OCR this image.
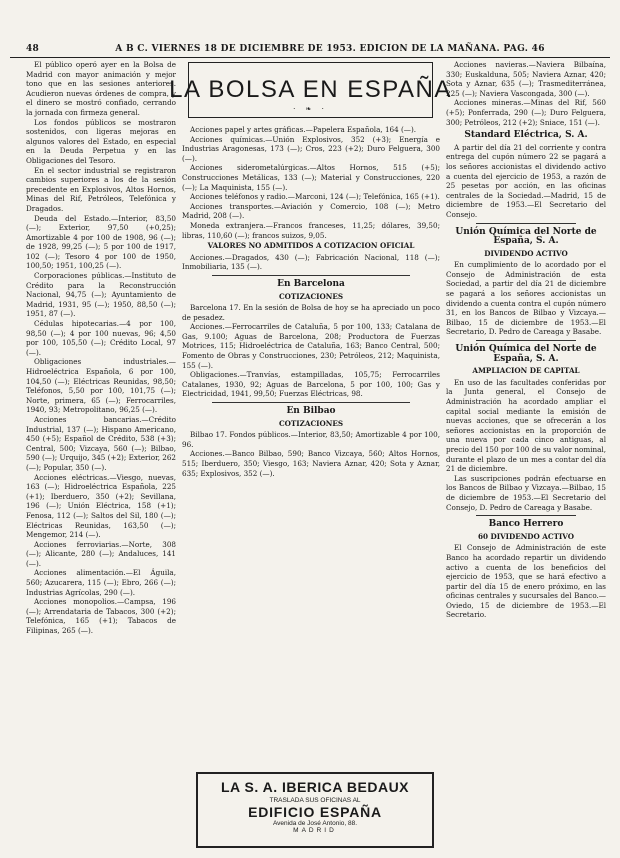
48	A B C. VIERNES 18 DE DICIEMBRE DE 1953. EDICION DE LA MAÑANA. PAG. 46
LA BOLSA EN ESPAÑA
· ❧ ·

El público operó ayer en la Bolsa de Madrid con mayor animación y mejor tono que en las sesiones anteriores. Acudieron nuevas órdenes de compra, y el dinero se mostró confiado, cerrando la jornada con firmeza general.

Los fondos públicos se mostraron sostenidos, con ligeras mejoras en algunos valores del Estado, en especial en la Deuda Perpetua y en las Obligaciones del Tesoro.

En el sector industrial se registraron cambios superiores a los de la sesión precedente en Explosivos, Altos Hornos, Minas del Rif, Petróleos, Telefónica y Dragados.

Deuda del Estado.—Interior, 83,50 (—); Exterior, 97,50 (+0,25); Amortizable 4 por 100 de 1908, 96 (—); de 1928, 99,25 (—); 5 por 100 de 1917, 102 (—); Tesoro 4 por 100 de 1950, 100,50; 1951, 100,25 (—).

Corporaciones públicas.—Instituto de Crédito para la Reconstrucción Nacional, 94,75 (—); Ayuntamiento de Madrid, 1931, 95 (—); 1950, 88,50 (—); 1951, 87 (—).

Cédulas hipotecarias.—4 por 100, 98,50 (—); 4 por 100 nuevas, 96; 4,50 por 100, 105,50 (—); Crédito Local, 97 (—).

Obligaciones industriales.—Hidroeléctrica Española, 6 por 100, 104,50 (—); Eléctricas Reunidas, 98,50; Teléfonos, 5,50 por 100, 101,75 (—); Norte, primera, 65 (—); Ferrocarriles, 1940, 93; Metropolitano, 96,25 (—).

Acciones bancarias.—Crédito Industrial, 137 (—); Hispano Americano, 450 (+5); Español de Crédito, 538 (+3); Central, 500; Vizcaya, 560 (—); Bilbao, 590 (—); Urquijo, 345 (+2); Exterior, 262 (—); Popular, 350 (—).

Acciones eléctricas.—Viesgo, nuevas, 163 (—); Hidroeléctrica Española, 225 (+1); Iberduero, 350 (+2); Sevillana, 196 (—); Unión Eléctrica, 158 (+1); Fenosa, 112 (—); Saltos del Sil, 180 (—); Eléctricas Reunidas, 163,50 (—); Mengemor, 214 (—).

Acciones ferroviarias.—Norte, 308 (—); Alicante, 280 (—); Andaluces, 141 (—).

Acciones alimentación.—El Águila, 560; Azucarera, 115 (—); Ebro, 266 (—); Industrias Agrícolas, 290 (—).

Acciones monopolios.—Campsa, 196 (—); Arrendataria de Tabacos, 300 (+2); Telefónica, 165 (+1); Tabacos de Filipinas, 265 (—).

Acciones papel y artes gráficas.—Papelera Española, 164 (—).

Acciones químicas.—Unión Explosivos, 352 (+3); Energía e Industrias Aragonesas, 173 (—); Cros, 223 (+2); Duro Felguera, 300 (—).

Acciones siderometalúrgicas.—Altos Hornos, 515 (+5); Construcciones Metálicas, 133 (—); Material y Construcciones, 220 (—); La Maquinista, 155 (—).

Acciones teléfonos y radio.—Marconi, 124 (—); Telefónica, 165 (+1).

Acciones transportes.—Aviación y Comercio, 108 (—); Metro Madrid, 208 (—).

Moneda extranjera.—Francos franceses, 11,25; dólares, 39,50; libras, 110,60 (—); francos suizos, 9,05.

VALORES NO ADMITIDOS A COTIZACION OFICIAL

Acciones.—Dragados, 430 (—); Fabricación Nacional, 118 (—); Inmobiliaria, 135 (—).

En Barcelona
COTIZACIONES

Barcelona 17. En la sesión de Bolsa de hoy se ha apreciado un poco de pesadez.

Acciones.—Ferrocarriles de Cataluña, 5 por 100, 133; Catalana de Gas, 9.100; Aguas de Barcelona, 208; Productora de Fuerzas Motrices, 115; Hidroeléctrica de Cataluña, 163; Banco Central, 500; Fomento de Obras y Construcciones, 230; Petróleos, 212; Maquinista, 155 (—).

Obligaciones.—Tranvías, estampilladas, 105,75; Ferrocarriles Catalanes, 1930, 92; Aguas de Barcelona, 5 por 100, 100; Gas y Electricidad, 1941, 99,50; Fuerzas Eléctricas, 98.

En Bilbao
COTIZACIONES

Bilbao 17. Fondos públicos.—Interior, 83,50; Amortizable 4 por 100, 96.

Acciones.—Banco Bilbao, 590; Banco Vizcaya, 560; Altos Hornos, 515; Iberduero, 350; Viesgo, 163; Naviera Aznar, 420; Sota y Aznar, 635; Explosivos, 352 (—).

LA S. A. IBERICA BEDAUX
TRASLADA SUS OFICINAS AL
EDIFICIO ESPAÑA
Avenida de José Antonio, 88.
MADRID

Acciones navieras.—Naviera Bilbaína, 330; Euskalduna, 505; Naviera Aznar, 420; Sota y Aznar, 635 (—); Trasmediterránea, 225 (—); Naviera Vascongada, 300 (—).

Acciones mineras.—Minas del Rif, 560 (+5); Ponferrada, 290 (—); Duro Felguera, 300; Petróleos, 212 (+2); Sniace, 151 (—).

Standard Eléctrica, S. A.

A partir del día 21 del corriente y contra entrega del cupón número 22 se pagará a los señores accionistas el dividendo activo a cuenta del ejercicio de 1953, a razón de 25 pesetas por acción, en las oficinas centrales de la Sociedad.—Madrid, 15 de diciembre de 1953.—El Secretario del Consejo.

Unión Química del Norte de España, S. A.
DIVIDENDO ACTIVO

En cumplimiento de lo acordado por el Consejo de Administración de esta Sociedad, a partir del día 21 de diciembre se pagará a los señores accionistas un dividendo a cuenta contra el cupón número 31, en los Bancos de Bilbao y Vizcaya.—Bilbao, 15 de diciembre de 1953.—El Secretario, D. Pedro de Careaga y Basabe.

Unión Química del Norte de España, S. A.
AMPLIACION DE CAPITAL

En uso de las facultades conferidas por la Junta general, el Consejo de Administración ha acordado ampliar el capital social mediante la emisión de nuevas acciones, que se ofrecerán a los señores accionistas en la proporción de una nueva por cada cinco antiguas, al precio del 150 por 100 de su valor nominal, durante el plazo de un mes a contar del día 21 de diciembre.

Las suscripciones podrán efectuarse en los Bancos de Bilbao y Vizcaya.—Bilbao, 15 de diciembre de 1953.—El Secretario del Consejo, D. Pedro de Careaga y Basabe.

Banco Herrero
60 DIVIDENDO ACTIVO

El Consejo de Administración de este Banco ha acordado repartir un dividendo activo a cuenta de los beneficios del ejercicio de 1953, que se hará efectivo a partir del día 15 de enero próximo, en las oficinas centrales y sucursales del Banco.—Oviedo, 15 de diciembre de 1953.—El Secretario.
